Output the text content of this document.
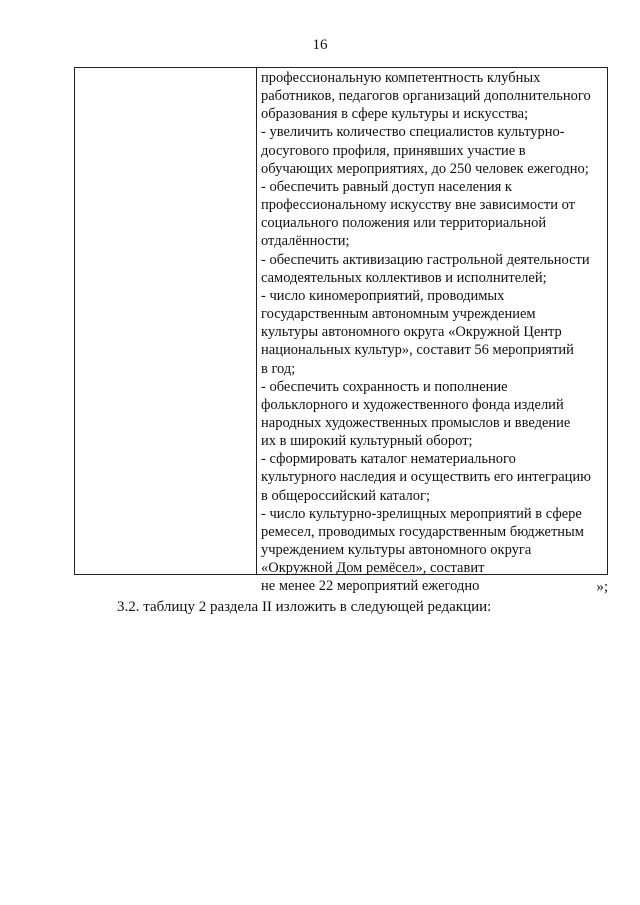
16
профессиональную компетентность клубных
работников, педагогов организаций дополнительного
образования в сфере культуры и искусства;
- увеличить количество специалистов культурно-
досугового профиля, принявших участие в
обучающих мероприятиях, до 250 человек ежегодно;
- обеспечить равный доступ населения к
профессиональному искусству вне зависимости от
социального положения или территориальной
отдалённости;
- обеспечить активизацию гастрольной деятельности
самодеятельных коллективов и исполнителей;
- число киномероприятий, проводимых
государственным автономным учреждением
культуры автономного округа «Окружной Центр
национальных культур», составит 56 мероприятий
в год;
- обеспечить сохранность и пополнение
фольклорного и художественного фонда изделий
народных художественных промыслов и введение
их в широкий культурный оборот;
- сформировать каталог нематериального
культурного наследия и осуществить его интеграцию
в общероссийский каталог;
- число культурно-зрелищных мероприятий в сфере
ремесел, проводимых государственным бюджетным
учреждением культуры автономного округа
«Окружной Дом ремёсел», составит
не менее 22 мероприятий ежегодно	»;
3.2. таблицу 2 раздела II изложить в следующей редакции:
